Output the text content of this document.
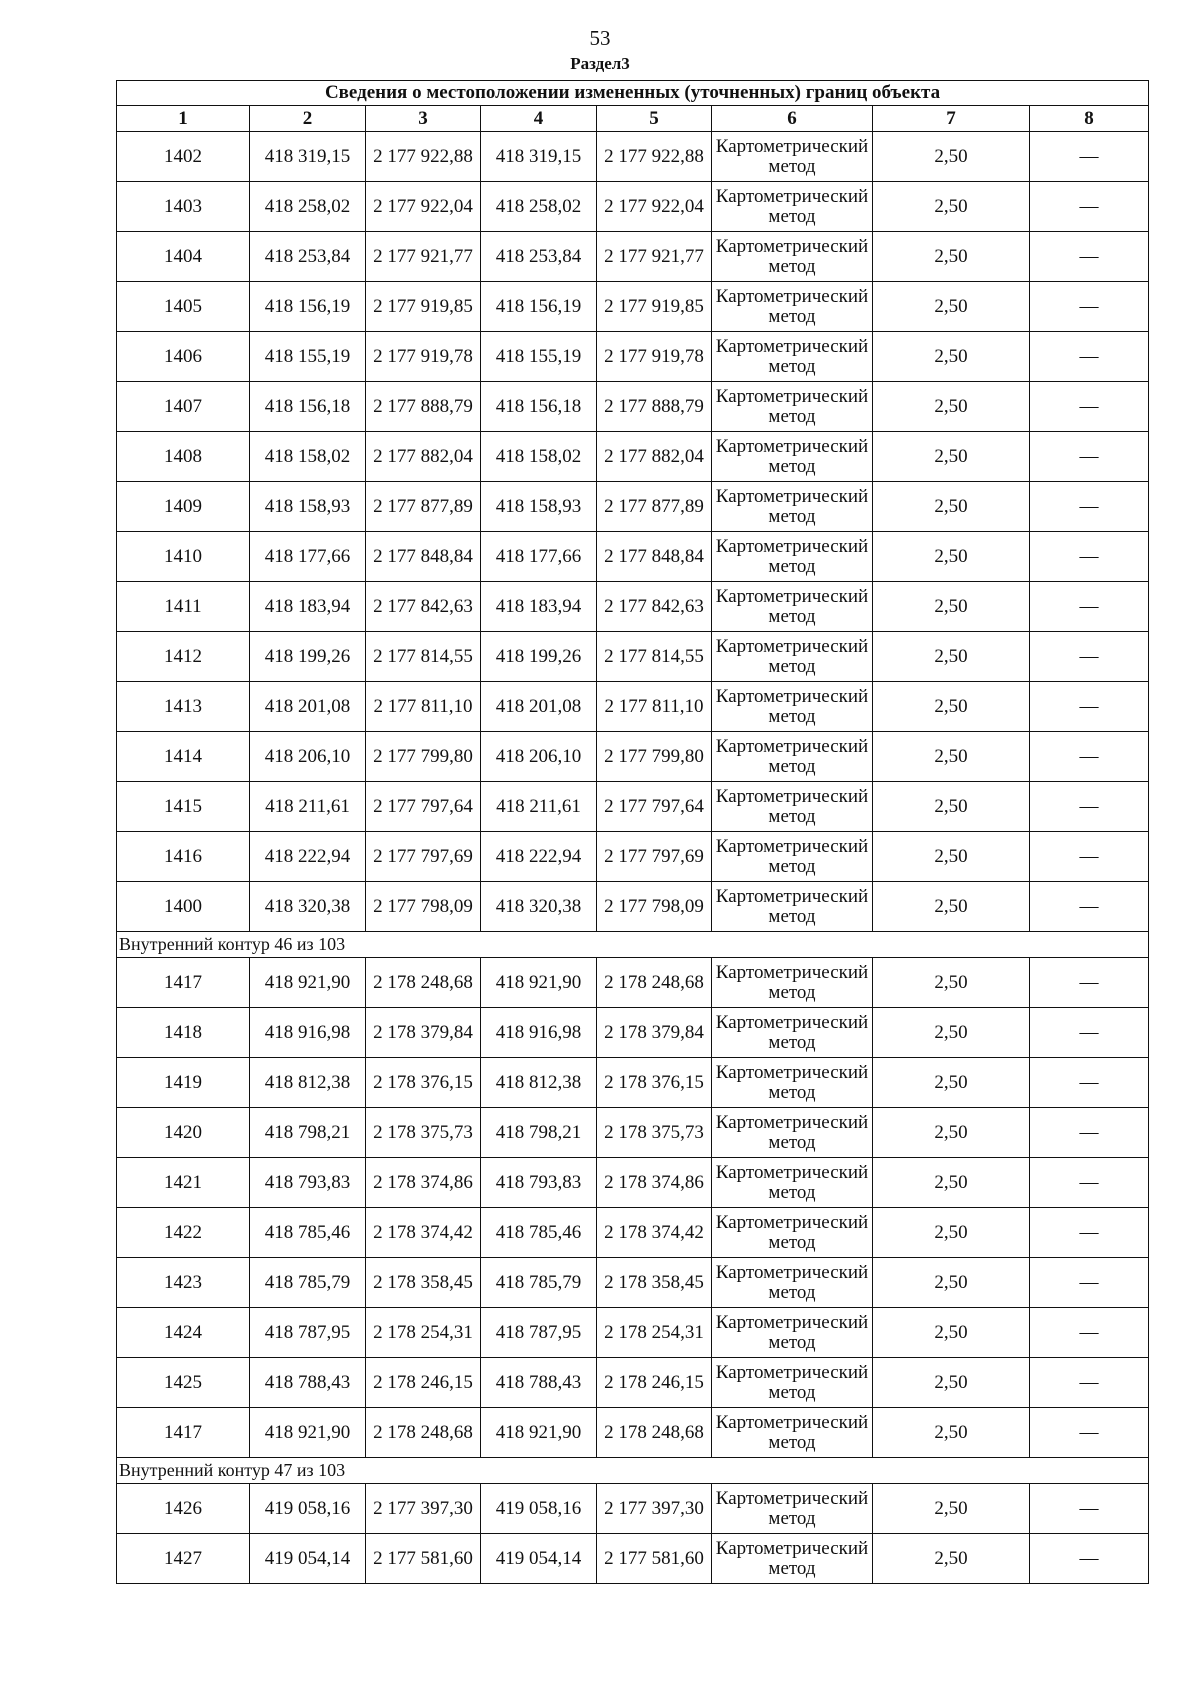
53
Раздел3
Сведения о местоположении измененных (уточненных) границ объекта							
1	2	3	4	5	6	7	8
1402	418 319,15	2 177 922,88	418 319,15	2 177 922,88	Картометрический метод	2,50	—
1403	418 258,02	2 177 922,04	418 258,02	2 177 922,04	Картометрический метод	2,50	—
1404	418 253,84	2 177 921,77	418 253,84	2 177 921,77	Картометрический метод	2,50	—
1405	418 156,19	2 177 919,85	418 156,19	2 177 919,85	Картометрический метод	2,50	—
1406	418 155,19	2 177 919,78	418 155,19	2 177 919,78	Картометрический метод	2,50	—
1407	418 156,18	2 177 888,79	418 156,18	2 177 888,79	Картометрический метод	2,50	—
1408	418 158,02	2 177 882,04	418 158,02	2 177 882,04	Картометрический метод	2,50	—
1409	418 158,93	2 177 877,89	418 158,93	2 177 877,89	Картометрический метод	2,50	—
1410	418 177,66	2 177 848,84	418 177,66	2 177 848,84	Картометрический метод	2,50	—
1411	418 183,94	2 177 842,63	418 183,94	2 177 842,63	Картометрический метод	2,50	—
1412	418 199,26	2 177 814,55	418 199,26	2 177 814,55	Картометрический метод	2,50	—
1413	418 201,08	2 177 811,10	418 201,08	2 177 811,10	Картометрический метод	2,50	—
1414	418 206,10	2 177 799,80	418 206,10	2 177 799,80	Картометрический метод	2,50	—
1415	418 211,61	2 177 797,64	418 211,61	2 177 797,64	Картометрический метод	2,50	—
1416	418 222,94	2 177 797,69	418 222,94	2 177 797,69	Картометрический метод	2,50	—
1400	418 320,38	2 177 798,09	418 320,38	2 177 798,09	Картометрический метод	2,50	—
Внутренний контур 46 из 103							
1417	418 921,90	2 178 248,68	418 921,90	2 178 248,68	Картометрический метод	2,50	—
1418	418 916,98	2 178 379,84	418 916,98	2 178 379,84	Картометрический метод	2,50	—
1419	418 812,38	2 178 376,15	418 812,38	2 178 376,15	Картометрический метод	2,50	—
1420	418 798,21	2 178 375,73	418 798,21	2 178 375,73	Картометрический метод	2,50	—
1421	418 793,83	2 178 374,86	418 793,83	2 178 374,86	Картометрический метод	2,50	—
1422	418 785,46	2 178 374,42	418 785,46	2 178 374,42	Картометрический метод	2,50	—
1423	418 785,79	2 178 358,45	418 785,79	2 178 358,45	Картометрический метод	2,50	—
1424	418 787,95	2 178 254,31	418 787,95	2 178 254,31	Картометрический метод	2,50	—
1425	418 788,43	2 178 246,15	418 788,43	2 178 246,15	Картометрический метод	2,50	—
1417	418 921,90	2 178 248,68	418 921,90	2 178 248,68	Картометрический метод	2,50	—
Внутренний контур 47 из 103							
1426	419 058,16	2 177 397,30	419 058,16	2 177 397,30	Картометрический метод	2,50	—
1427	419 054,14	2 177 581,60	419 054,14	2 177 581,60	Картометрический метод	2,50	—
